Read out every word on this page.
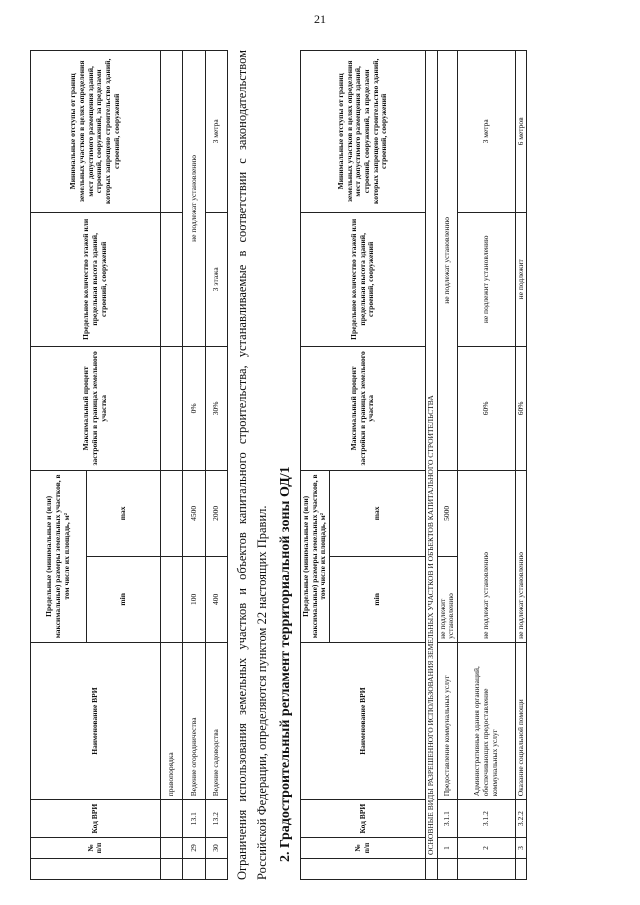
21
	№ п/п	Код ВРИ	Наименование ВРИ	Предельные (минимальные и (или) максимальные) размеры земельных участков, в том числе их площадь, м²		Максимальный процент застройки в границах земельного участка	Предельное количество этажей или предельная высота зданий, строений, сооружений	Минимальные отступы от границ земельных участков в целях определения мест допустимого размещения зданий, строений, сооружений, за пределами которых запрещено строительство зданий, строений, сооружений
				min	max			
			правопорядка					
	29	13.1	Ведение огородничества	100	4500	0%	не подлежат установлению	
	30	13.2	Ведение садоводства	400	2000	30%	3 этажа	3 метра Ограничения использования земельных участков и объектов капитального строительства, устанавливаемые в соответствии с законодательством Российской Федерации, определяются пунктом 22 настоящих Правил. 2. Градостроительный регламент территориальной зоны ОД/1
		№ п/п	Код ВРИ	Наименование ВРИ	Предельные (минимальные и (или) максимальные) размеры земельных участков, в том числе их площадь, м²		Максимальный процент застройки в границах земельного участка	Предельное количество этажей или предельная высота зданий, строений, сооружений	Минимальные отступы от границ земельных участков в целях определения мест допустимого размещения зданий, строений, сооружений, за пределами которых запрещено строительство зданий, строений, сооружений
				min	max			
	ОСНОВНЫЕ ВИДЫ РАЗРЕШЕННОГО ИСПОЛЬЗОВАНИЯ ЗЕМЕЛЬНЫХ УЧАСТКОВ И ОБЪЕКТОВ КАПИТАЛЬНОГО СТРОИТЕЛЬСТВА							
	1	3.1.1	Предоставление коммунальных услуг	не подлежит установлению	5000	не подлежат установлению		
	2	3.1.2	Административные здания организаций, обеспечивающих предоставление коммунальных услуг	не подлежат установлению		60%	не подлежит установлению	3 метра
	3	3.2.2	Оказание социальной помощи	не подлежат установлению		60%	не подлежит	6 метров
